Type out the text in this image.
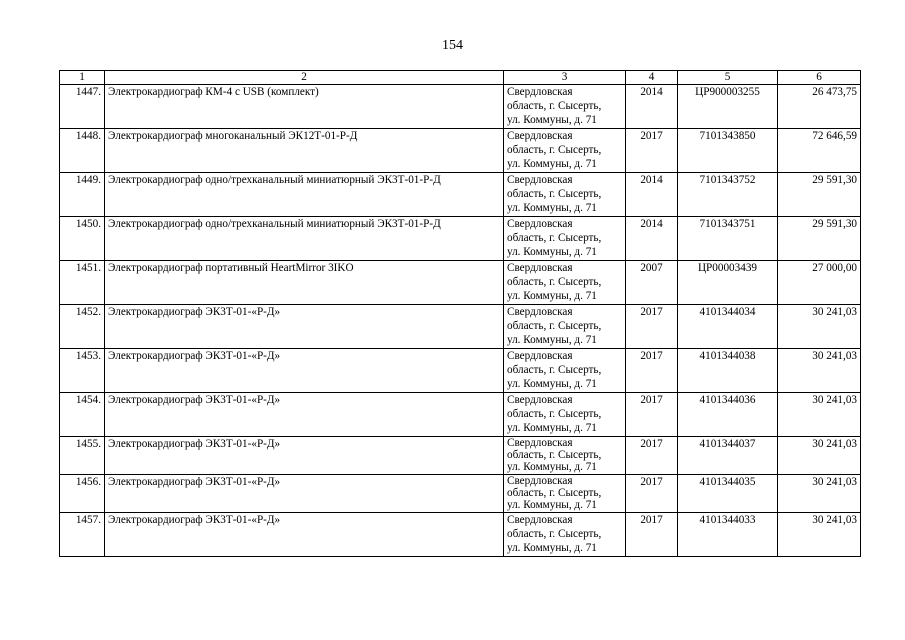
154
1	2	3	4	5	6
1447.	Электрокардиограф КМ-4 с USB (комплект)	Свердловская
область, г. Сысерть,
ул. Коммуны, д. 71	2014	ЦР900003255	26 473,75
1448.	Электрокардиограф многоканальный ЭК12Т-01-Р-Д	Свердловская
область, г. Сысерть,
ул. Коммуны, д. 71	2017	7101343850	72 646,59
1449.	Электрокардиограф одно/трехканальный миниатюрный ЭК3Т-01-Р-Д	Свердловская
область, г. Сысерть,
ул. Коммуны, д. 71	2014	7101343752	29 591,30
1450.	Электрокардиограф одно/трехканальный миниатюрный ЭК3Т-01-Р-Д	Свердловская
область, г. Сысерть,
ул. Коммуны, д. 71	2014	7101343751	29 591,30
1451.	Электрокардиограф портативный HeartMirror 3IKO	Свердловская
область, г. Сысерть,
ул. Коммуны, д. 71	2007	ЦР00003439	27 000,00
1452.	Электрокардиограф ЭК3Т-01-«Р-Д»	Свердловская
область, г. Сысерть,
ул. Коммуны, д. 71	2017	4101344034	30 241,03
1453.	Электрокардиограф ЭК3Т-01-«Р-Д»	Свердловская
область, г. Сысерть,
ул. Коммуны, д. 71	2017	4101344038	30 241,03
1454.	Электрокардиограф ЭК3Т-01-«Р-Д»	Свердловская
область, г. Сысерть,
ул. Коммуны, д. 71	2017	4101344036	30 241,03
1455.	Электрокардиограф ЭК3Т-01-«Р-Д»	Свердловская
область, г. Сысерть,
ул. Коммуны, д. 71	2017	4101344037	30 241,03
1456.	Электрокардиограф ЭК3Т-01-«Р-Д»	Свердловская
область, г. Сысерть,
ул. Коммуны, д. 71	2017	4101344035	30 241,03
1457.	Электрокардиограф ЭК3Т-01-«Р-Д»	Свердловская
область, г. Сысерть,
ул. Коммуны, д. 71	2017	4101344033	30 241,03
